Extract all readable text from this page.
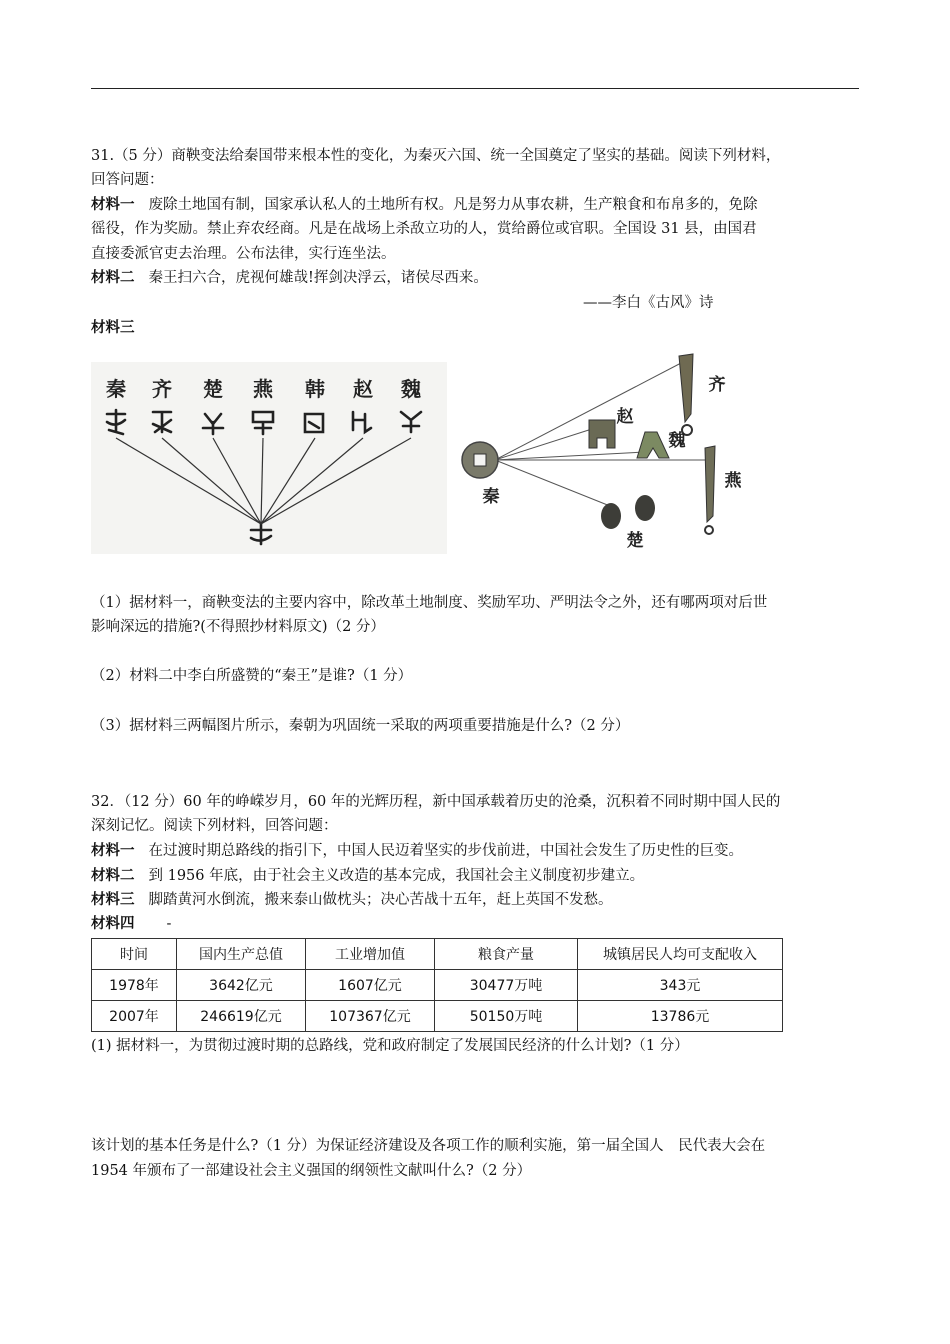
31.（5 分）商鞅变法给秦国带来根本性的变化，为秦灭六国、统一全国奠定了坚实的基础。阅读下列材料，
回答问题：
材料一 废除土地国有制，国家承认私人的土地所有权。凡是努力从事农耕，生产粮食和布帛多的，免除
徭役，作为奖励。禁止弃农经商。凡是在战场上杀敌立功的人，赏给爵位或官职。全国设 31 县，由国君
直接委派官吏去治理。公布法律，实行连坐法。
材料二 秦王扫六合，虎视何雄哉!挥剑决浮云，诸侯尽西来。
——李白《古风》诗
材料三
秦 齐 楚 燕 韩 赵 魏
秦
齐
赵
魏
燕
楚
（1）据材料一，商鞅变法的主要内容中，除改革土地制度、奖励军功、严明法令之外，还有哪两项对后世
影响深远的措施?(不得照抄材料原文)（2 分）
（2）材料二中李白所盛赞的“秦王”是谁?（1 分）
（3）据材料三两幅图片所示，秦朝为巩固统一采取的两项重要措施是什么?（2 分）
32．（12 分）60 年的峥嵘岁月，60 年的光辉历程，新中国承载着历史的沧桑，沉积着不同时期中国人民的
深刻记忆。阅读下列材料，回答问题：
材料一 在过渡时期总路线的指引下，中国人民迈着坚实的步伐前进，中国社会发生了历史性的巨变。
材料二 到 1956 年底，由于社会主义改造的基本完成，我国社会主义制度初步建立。
材料三 脚踏黄河水倒流，搬来泰山做枕头；决心苦战十五年，赶上英国不发愁。
材料四 -
时间	国内生产总值	工业增加值	粮食产量	城镇居民人均可支配收入
1978年	3642亿元	1607亿元	30477万吨	343元
2007年	246619亿元	107367亿元	50150万吨	13786元
(1) 据材料一，为贯彻过渡时期的总路线，党和政府制定了发展国民经济的什么计划?（1 分）
该计划的基本任务是什么?（1 分）为保证经济建设及各项工作的顺利实施，第一届全国人　民代表大会在
1954 年颁布了一部建设社会主义强国的纲领性文献叫什么?（2 分）
